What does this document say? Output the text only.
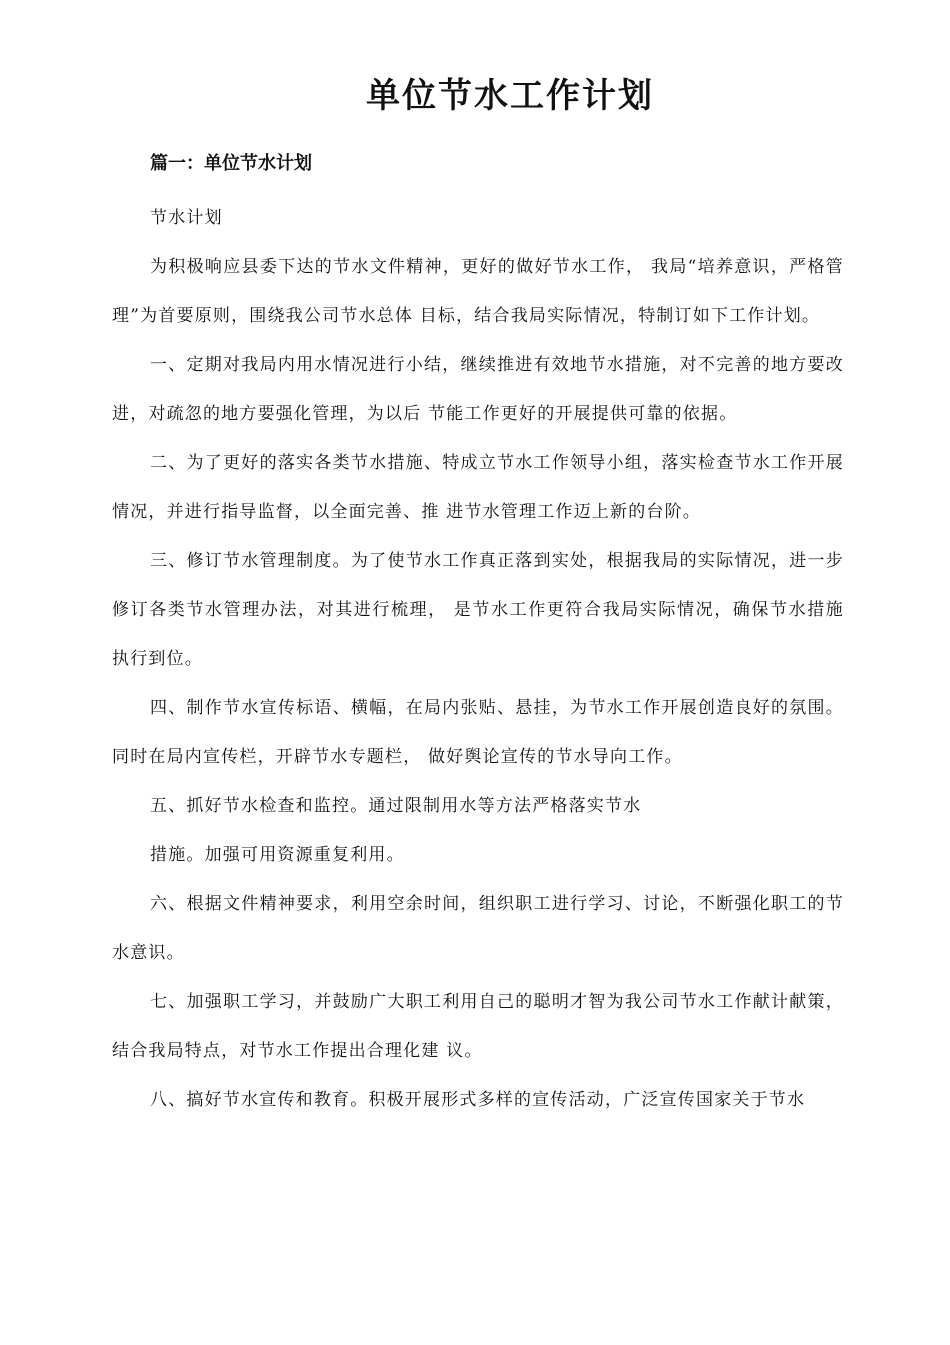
单位节水工作计划
篇一：单位节水计划

节水计划

为积极响应县委下达的节水文件精神，更好的做好节水工作， 我局“培养意识，严格管理”为首要原则，围绕我公司节水总体 目标，结合我局实际情况，特制订如下工作计划。

一、定期对我局内用水情况进行小结，继续推进有效地节水措施，对不完善的地方要改进，对疏忽的地方要强化管理，为以后 节能工作更好的开展提供可靠的依据。

二、为了更好的落实各类节水措施、特成立节水工作领导小组，落实检查节水工作开展情况，并进行指导监督，以全面完善、推 进节水管理工作迈上新的台阶。

三、修订节水管理制度。为了使节水工作真正落到实处，根据我局的实际情况，进一步修订各类节水管理办法，对其进行梳理， 是节水工作更符合我局实际情况，确保节水措施执行到位。

四、制作节水宣传标语、横幅，在局内张贴、悬挂，为节水工作开展创造良好的氛围。同时在局内宣传栏，开辟节水专题栏， 做好舆论宣传的节水导向工作。

五、抓好节水检查和监控。通过限制用水等方法严格落实节水

措施。加强可用资源重复利用。

六、根据文件精神要求，利用空余时间，组织职工进行学习、讨论，不断强化职工的节水意识。

七、加强职工学习，并鼓励广大职工利用自己的聪明才智为我公司节水工作献计献策，结合我局特点，对节水工作提出合理化建 议。

八、搞好节水宣传和教育。积极开展形式多样的宣传活动，广泛宣传国家关于节水
